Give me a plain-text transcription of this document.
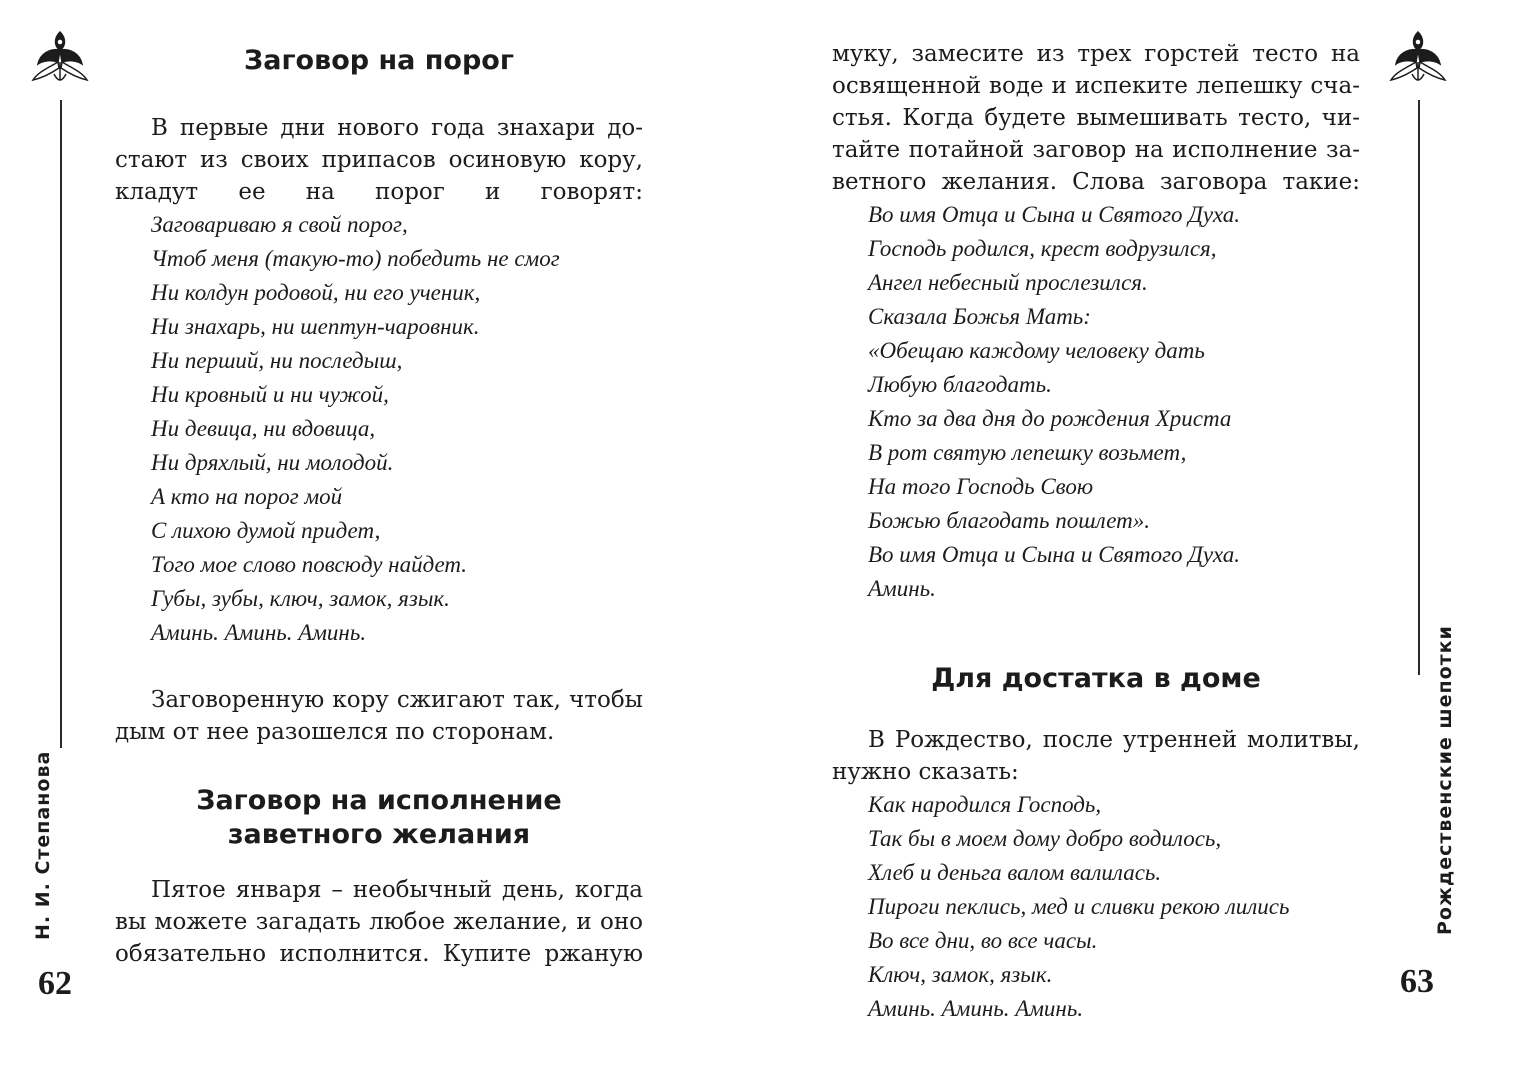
Н. И. Степанова
62
Заговор на порог

В первые дни нового года знахари до-стают из своих припасов осиновую кору, кладут ее на порог и говорят:

Заговариваю я свой порог,
Чтоб меня (такую-то) победить не смог
Ни колдун родовой, ни его ученик,
Ни знахарь, ни шептун-чаровник.
Ни перший, ни последыш,
Ни кровный и ни чужой,
Ни девица, ни вдовица,
Ни дряхлый, ни молодой.
А кто на порог мой
С лихою думой придет,
Того мое слово повсюду найдет.
Губы, зубы, ключ, замок, язык.
Аминь. Аминь. Аминь.

Заговоренную кору сжигают так, чтобы дым от нее разошелся по сторонам.

Заговор на исполнение заветного желания

Пятое января – необычный день, когда вы можете загадать любое желание, и оно обязательно исполнится. Купите ржаную

муку, замесите из трех горстей тесто на освященной воде и испеките лепешку сча-стья. Когда будете вымешивать тесто, чи-тайте потайной заговор на исполнение за-ветного желания. Слова заговора такие:

Во имя Отца и Сына и Святого Духа.
Господь родился, крест водрузился,
Ангел небесный прослезился.
Сказала Божья Мать:
«Обещаю каждому человеку дать
Любую благодать.
Кто за два дня до рождения Христа
В рот святую лепешку возьмет,
На того Господь Свою
Божью благодать пошлет».
Во имя Отца и Сына и Святого Духа.
Аминь.
Для достатка в доме

В Рождество, после утренней молитвы, нужно сказать:

Как народился Господь,
Так бы в моем дому добро водилось,
Хлеб и деньга валом валилась.
Пироги пеклись, мед и сливки рекою лились
Во все дни, во все часы.
Ключ, замок, язык.
Аминь. Аминь. Аминь.
Рождественские шепотки
63
